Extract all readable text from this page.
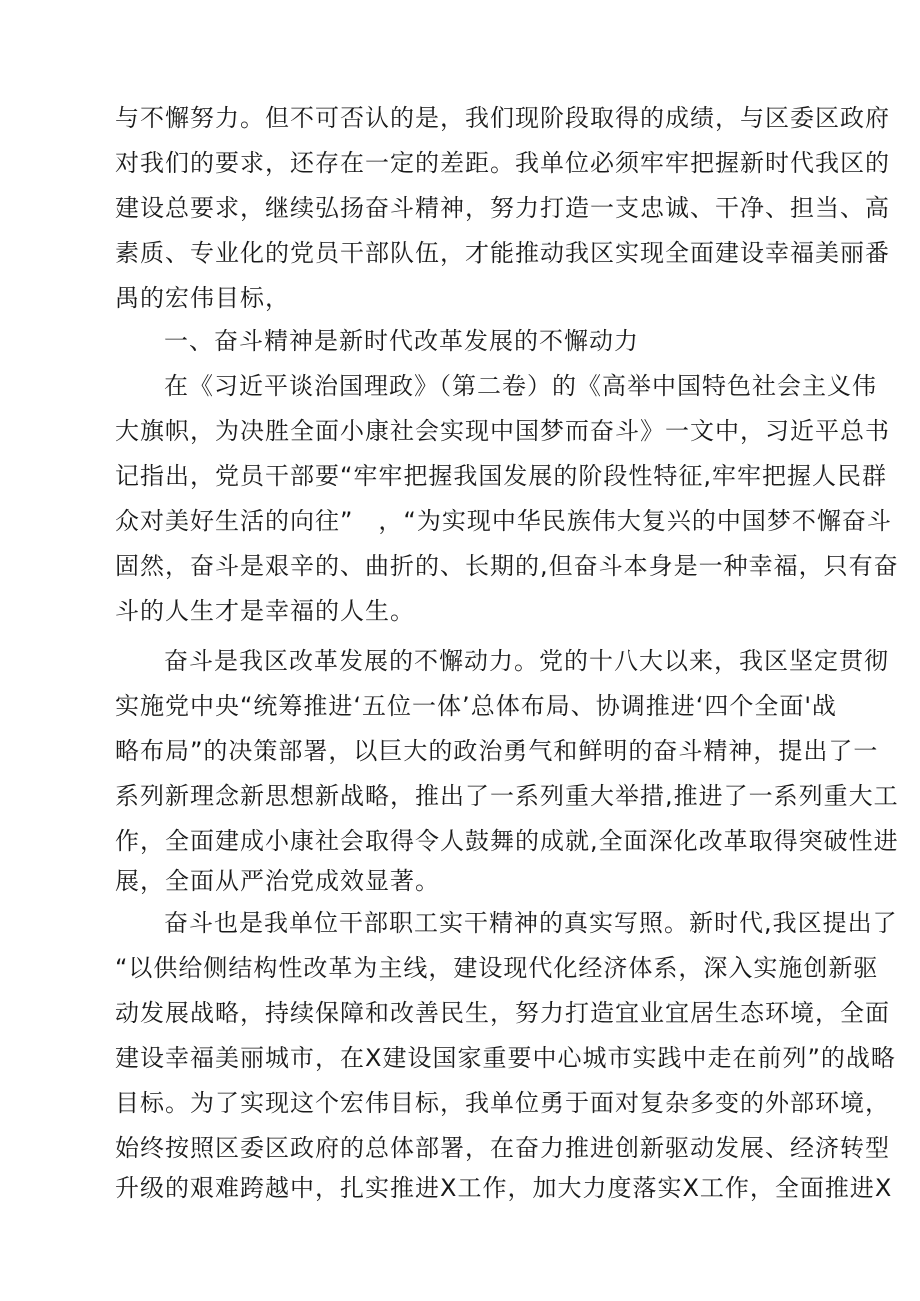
与不懈努力。但不可否认的是，我们现阶段取得的成绩，与区委区政府
对我们的要求，还存在一定的差距。我单位必须牢牢把握新时代我区的
建设总要求，继续弘扬奋斗精神，努力打造一支忠诚、干净、担当、高
素质、专业化的党员干部队伍，才能推动我区实现全面建设幸福美丽番
禺的宏伟目标，
一、奋斗精神是新时代改革发展的不懈动力
在《习近平谈治国理政》（第二卷）的《高举中国特色社会主义伟
大旗帜，为决胜全面小康社会实现中国梦而奋斗》一文中，习近平总书
记指出，党员干部要“牢牢把握我国发展的阶段性特征,牢牢把握人民群
众对美好生活的向往”　，“为实现中华民族伟大复兴的中国梦不懈奋斗
固然，奋斗是艰辛的、曲折的、长期的,但奋斗本身是一种幸福，只有奋
斗的人生才是幸福的人生。
奋斗是我区改革发展的不懈动力。党的十八大以来，我区坚定贯彻
实施党中央“统筹推进‘五位一体’总体布局、协调推进‘四个全面'战
略布局”的决策部署，以巨大的政治勇气和鲜明的奋斗精神，提出了一
系列新理念新思想新战略，推出了一系列重大举措,推进了一系列重大工
作，全面建成小康社会取得令人鼓舞的成就,全面深化改革取得突破性进
展，全面从严治党成效显著。
奋斗也是我单位干部职工实干精神的真实写照。新时代,我区提出了
“以供给侧结构性改革为主线，建设现代化经济体系，深入实施创新驱
动发展战略，持续保障和改善民生，努力打造宜业宜居生态环境，全面
建设幸福美丽城市，在X建设国家重要中心城市实践中走在前列”的战略
目标。为了实现这个宏伟目标，我单位勇于面对复杂多变的外部环境，
始终按照区委区政府的总体部署，在奋力推进创新驱动发展、经济转型
升级的艰难跨越中，扎实推进X工作，加大力度落实X工作，全面推进X
